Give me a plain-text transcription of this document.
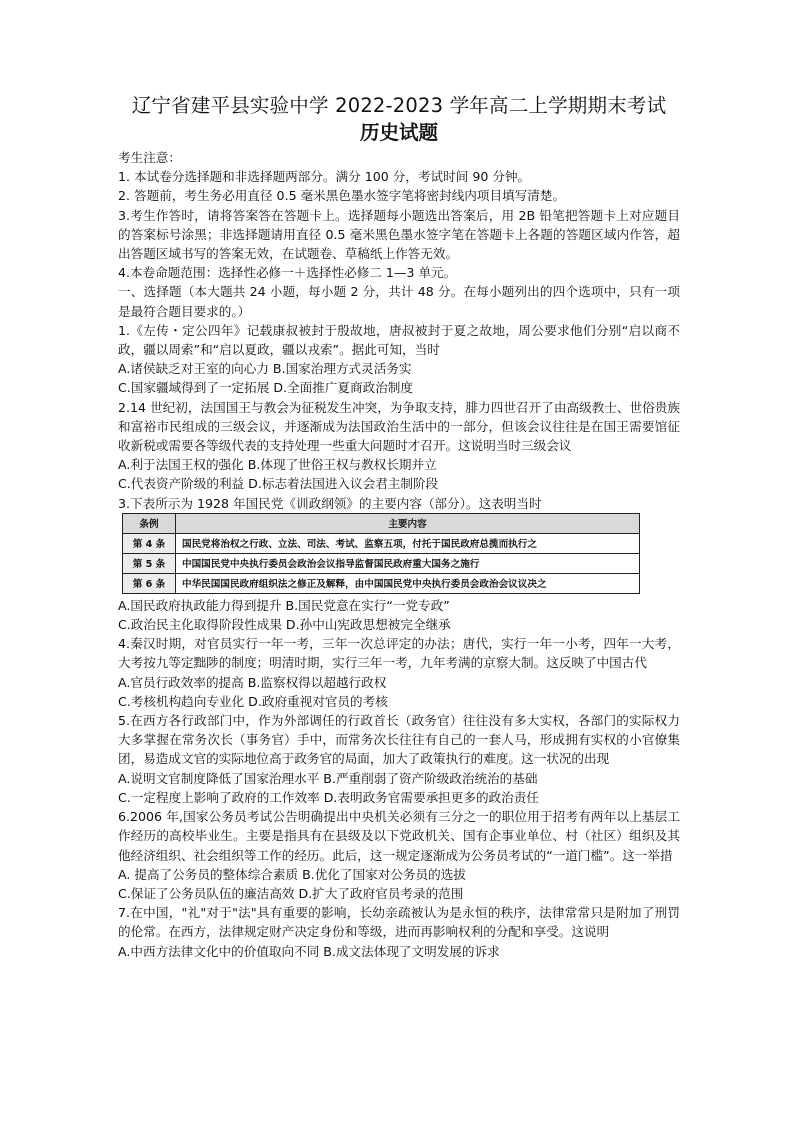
辽宁省建平县实验中学 2022-2023 学年高二上学期期末考试
历史试题

考生注意：

1. 本试卷分选择题和非选择题两部分。满分 100 分，考试时间 90 分钟。

2. 答题前，考生务必用直径 0.5 毫米黑色墨水签字笔将密封线内项目填写清楚。

3.考生作答时，请将答案答在答题卡上。选择题每小题选出答案后，用 2B 铅笔把答题卡上对应题目的答案标号涂黑；非选择题请用直径 0.5 毫米黑色墨水签字笔在答题卡上各题的答题区域内作答，超出答题区域书写的答案无效，在试题卷、草稿纸上作答无效。

4.本卷命题范围：选择性必修一＋选择性必修二 1—3 单元。

一、选择题（本大题共 24 小题，每小题 2 分，共计 48 分。在每小题列出的四个选项中，只有一项是最符合题目要求的。）

1.《左传・定公四年》记载康叔被封于殷故地，唐叔被封于夏之故地，周公要求他们分别“启以商不政，疆以周索”和“启以夏政，疆以戎索”。据此可知，当时

A.诸侯缺乏对王室的向心力 B.国家治理方式灵活务实

C.国家疆域得到了一定拓展 D.全面推广夏商政治制度

2.14 世纪初，法国国王与教会为征税发生冲突，为争取支持，腓力四世召开了由高级教士、世俗贵族和富裕市民组成的三级会议，并逐渐成为法国政治生活中的一部分，但该会议往往是在国王需要馆征收新税或需要各等级代表的支持处理一些重大问题时才召开。这说明当时三级会议

A.利于法国王权的强化 B.体现了世俗王权与教权长期并立

C.代表资产阶级的利益 D.标志着法国进入议会君主制阶段

3.下表所示为 1928 年国民党《训政纲领》的主要内容（部分）。这表明当时

条例	主要内容
第 4 条	国民党将治权之行政、立法、司法、考试、监察五项，付托于国民政府总揽而执行之
第 5 条	中国国民党中央执行委员会政治会议指导监督国民政府重大国务之施行
第 6 条	中华民国国民政府组织法之修正及解释，由中国国民党中央执行委员会政治会议议决之

A.国民政府执政能力得到提升 B.国民党意在实行“一党专政”

C.政治民主化取得阶段性成果 D.孙中山宪政思想被完全继承

4.秦汉时期，对官员实行一年一考，三年一次总评定的办法；唐代，实行一年一小考，四年一大考，大考按九等定黜陟的制度；明清时期，实行三年一考，九年考满的京察大制。这反映了中国古代

A.官员行政效率的提高 B.监察权得以超越行政权

C.考核机构趋向专业化 D.政府重视对官员的考核

5.在西方各行政部门中，作为外部调任的行政首长（政务官）往往没有多大实权，各部门的实际权力大多掌握在常务次长（事务官）手中，而常务次长往往有自己的一套人马，形成拥有实权的小官僚集团，易造成文官的实际地位高于政务官的局面，加大了政策执行的难度。这一状况的出现

A.说明文官制度降低了国家治理水平 B.严重削弱了资产阶级政治统治的基础

C.一定程度上影响了政府的工作效率 D.表明政务官需要承担更多的政治责任

6.2006 年,国家公务员考试公告明确提出中央机关必须有三分之一的职位用于招考有两年以上基层工作经历的高校毕业生。主要是指具有在县级及以下党政机关、国有企事业单位、村（社区）组织及其他经济组织、社会组织等工作的经历。此后，这一规定逐渐成为公务员考试的“一道门槛”。这一举措

A. 提高了公务员的整体综合素质 B.优化了国家对公务员的选拔

C.保证了公务员队伍的廉洁高效 D.扩大了政府官员考录的范围

7.在中国，"礼"对于"法"具有重要的影响，长幼亲疏被认为是永恒的秩序，法律常常只是附加了刑罚的伦常。在西方，法律规定财产决定身份和等级，进而再影响权利的分配和享受。这说明

A.中西方法律文化中的价值取向不同 B.成文法体现了文明发展的诉求
